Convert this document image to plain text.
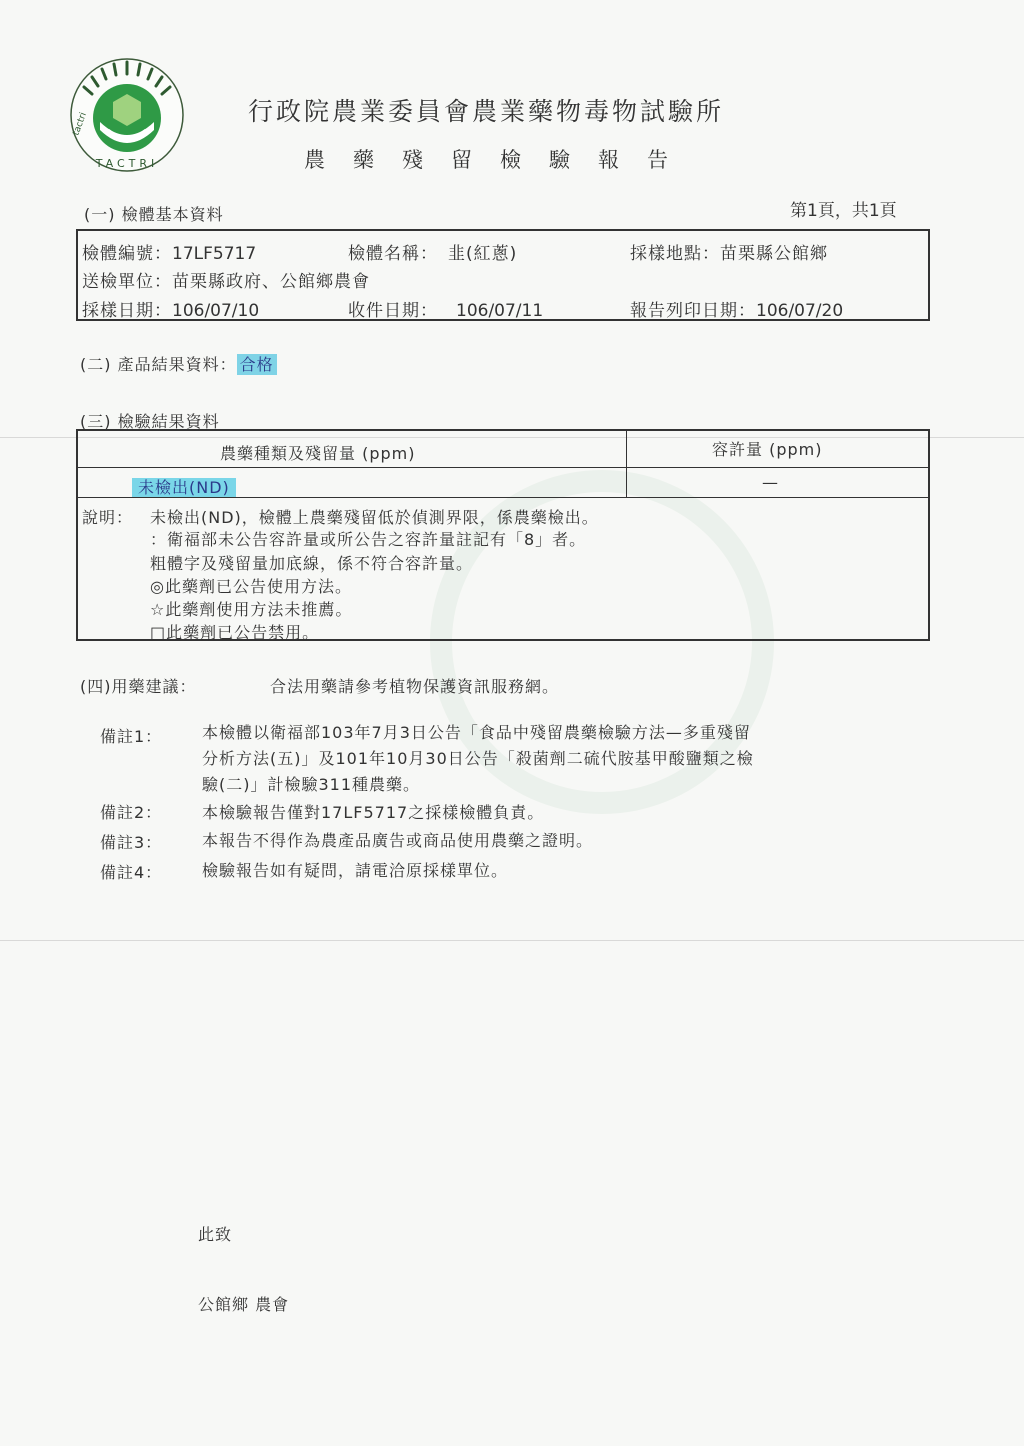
TACTRI
tactri	行政院農業委員會農業藥物毒物試驗所
農藥殘留檢驗報告
(一) 檢體基本資料	第1頁，共1頁
檢體編號：17LF5717	檢體名稱： 韭(紅蔥)	採樣地點：苗栗縣公館鄉
送檢單位：苗栗縣政府、公館鄉農會
採樣日期：106/07/10	收件日期： 106/07/11	報告列印日期：106/07/20
(二) 產品結果資料： 合格
(三) 檢驗結果資料
農藥種類及殘留量 (ppm)	容許量 (ppm)
未檢出(ND)	—
說明： 未檢出(ND)，檢體上農藥殘留低於偵測界限，係農藥檢出。
：衛福部未公告容許量或所公告之容許量註記有「8」者。
粗體字及殘留量加底線，係不符合容許量。
◎此藥劑已公告使用方法。
☆此藥劑使用方法未推薦。
□此藥劑已公告禁用。
(四)用藥建議：	合法用藥請參考植物保護資訊服務網。
備註1： 本檢體以衛福部103年7月3日公告「食品中殘留農藥檢驗方法—多重殘留
分析方法(五)」及101年10月30日公告「殺菌劑二硫代胺基甲酸鹽類之檢
驗(二)」計檢驗311種農藥。
備註2： 本檢驗報告僅對17LF5717之採樣檢體負責。
備註3： 本報告不得作為農產品廣告或商品使用農藥之證明。
備註4： 檢驗報告如有疑問，請電洽原採樣單位。
此致
公館鄉 農會
